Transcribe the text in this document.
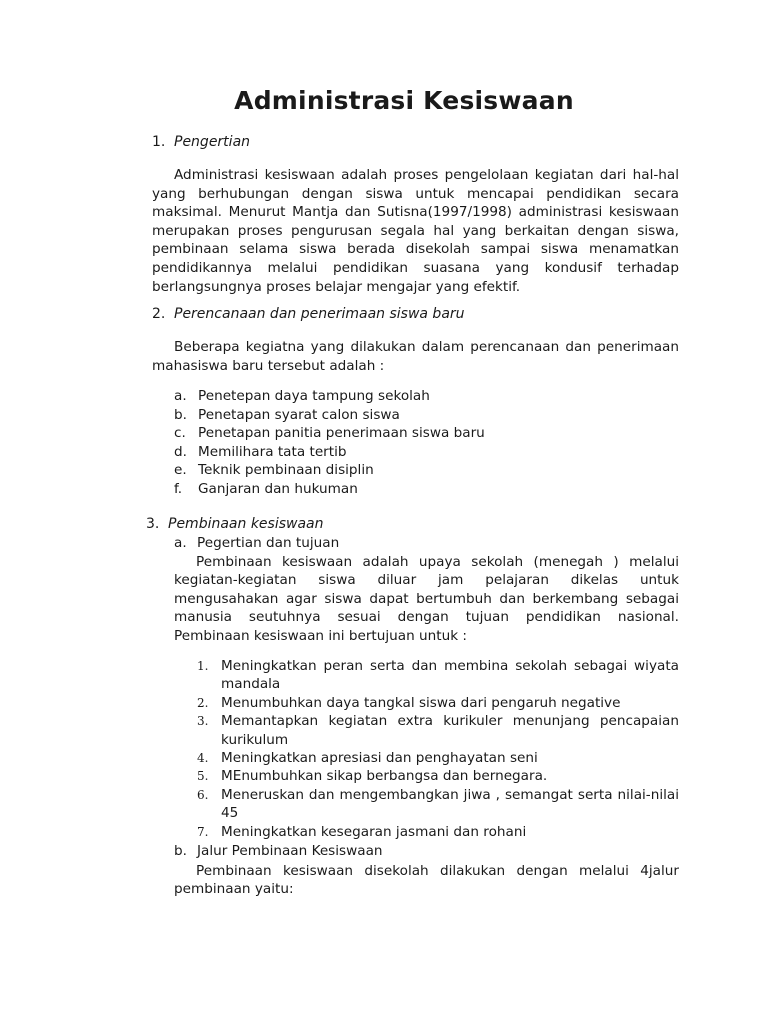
Administrasi Kesiswaan
1. Pengertian
Administrasi kesiswaan adalah proses pengelolaan kegiatan dari hal-hal yang berhubungan dengan siswa untuk mencapai pendidikan secara maksimal. Menurut Mantja dan Sutisna(1997/1998) administrasi kesiswaan merupakan proses pengurusan segala hal yang berkaitan dengan siswa, pembinaan selama siswa berada disekolah sampai siswa menamatkan pendidikannya melalui pendidikan suasana yang kondusif terhadap berlangsungnya proses belajar mengajar yang efektif.
2. Perencanaan dan penerimaan siswa baru
Beberapa kegiatna yang dilakukan dalam perencanaan dan penerimaan mahasiswa baru tersebut adalah :
a. Penetepan daya tampung sekolah
b. Penetapan syarat calon siswa
c. Penetapan panitia penerimaan siswa baru
d. Memilihara tata tertib
e. Teknik pembinaan disiplin
f. Ganjaran dan hukuman
3. Pembinaan kesiswaan
a. Pegertian dan tujuan
Pembinaan kesiswaan adalah upaya sekolah (menegah ) melalui kegiatan-kegiatan siswa diluar jam pelajaran dikelas untuk mengusahakan agar siswa dapat bertumbuh dan berkembang sebagai manusia seutuhnya sesuai dengan tujuan pendidikan nasional. Pembinaan kesiswaan ini bertujuan untuk :
1. Meningkatkan peran serta dan membina sekolah sebagai wiyata mandala
2. Menumbuhkan daya tangkal siswa dari pengaruh negative
3. Memantapkan kegiatan extra kurikuler menunjang pencapaian kurikulum
4. Meningkatkan apresiasi dan penghayatan seni
5. MEnumbuhkan sikap berbangsa dan bernegara.
6. Meneruskan dan mengembangkan jiwa , semangat serta nilai-nilai 45
7. Meningkatkan kesegaran jasmani dan rohani
b. Jalur Pembinaan Kesiswaan
Pembinaan kesiswaan disekolah dilakukan dengan melalui 4jalur pembinaan yaitu:
